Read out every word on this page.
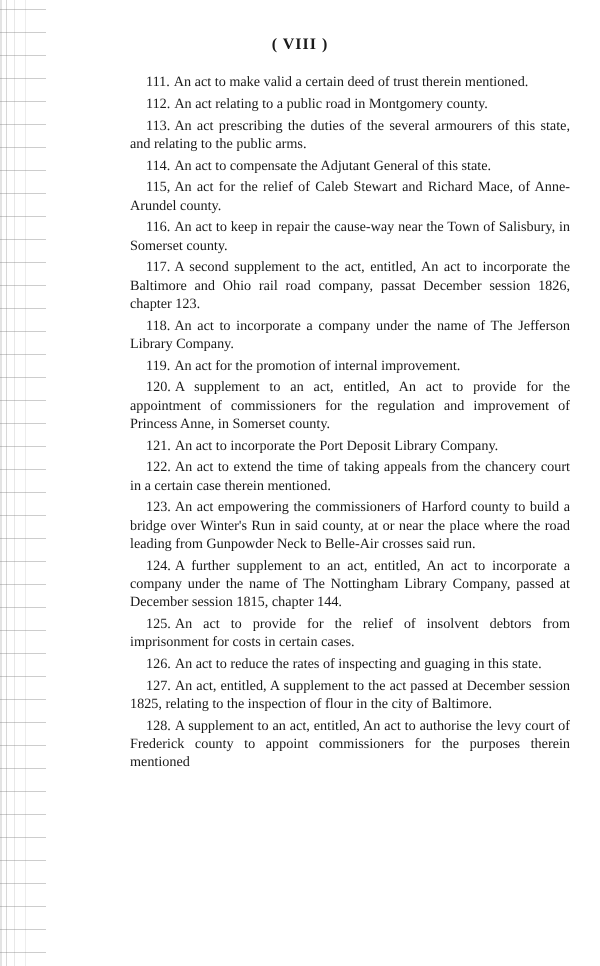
( VIII )

111. An act to make valid a certain deed of trust therein mentioned.

112. An act relating to a public road in Montgomery county.

113. An act prescribing the duties of the several armourers of this state, and relating to the public arms.

114. An act to compensate the Adjutant General of this state.

115, An act for the relief of Caleb Stewart and Richard Mace, of Anne-Arundel county.

116. An act to keep in repair the cause-way near the Town of Salisbury, in Somerset county.

117. A second supplement to the act, entitled, An act to incorporate the Baltimore and Ohio rail road company, passat December session 1826, chapter 123.

118. An act to incorporate a company under the name of The Jefferson Library Company.

119. An act for the promotion of internal improvement.

120. A supplement to an act, entitled, An act to provide for the appointment of commissioners for the regulation and improvement of Princess Anne, in Somerset county.

121. An act to incorporate the Port Deposit Library Company.

122. An act to extend the time of taking appeals from the chancery court in a certain case therein mentioned.

123. An act empowering the commissioners of Harford county to build a bridge over Winter's Run in said county, at or near the place where the road leading from Gunpowder Neck to Belle-Air crosses said run.

124. A further supplement to an act, entitled, An act to incorporate a company under the name of The Nottingham Library Company, passed at December session 1815, chapter 144.

125. An act to provide for the relief of insolvent debtors from imprisonment for costs in certain cases.

126. An act to reduce the rates of inspecting and guaging in this state.

127. An act, entitled, A supplement to the act passed at December session 1825, relating to the inspection of flour in the city of Baltimore.

128. A supplement to an act, entitled, An act to authorise the levy court of Frederick county to appoint commissioners for the purposes therein mentioned
